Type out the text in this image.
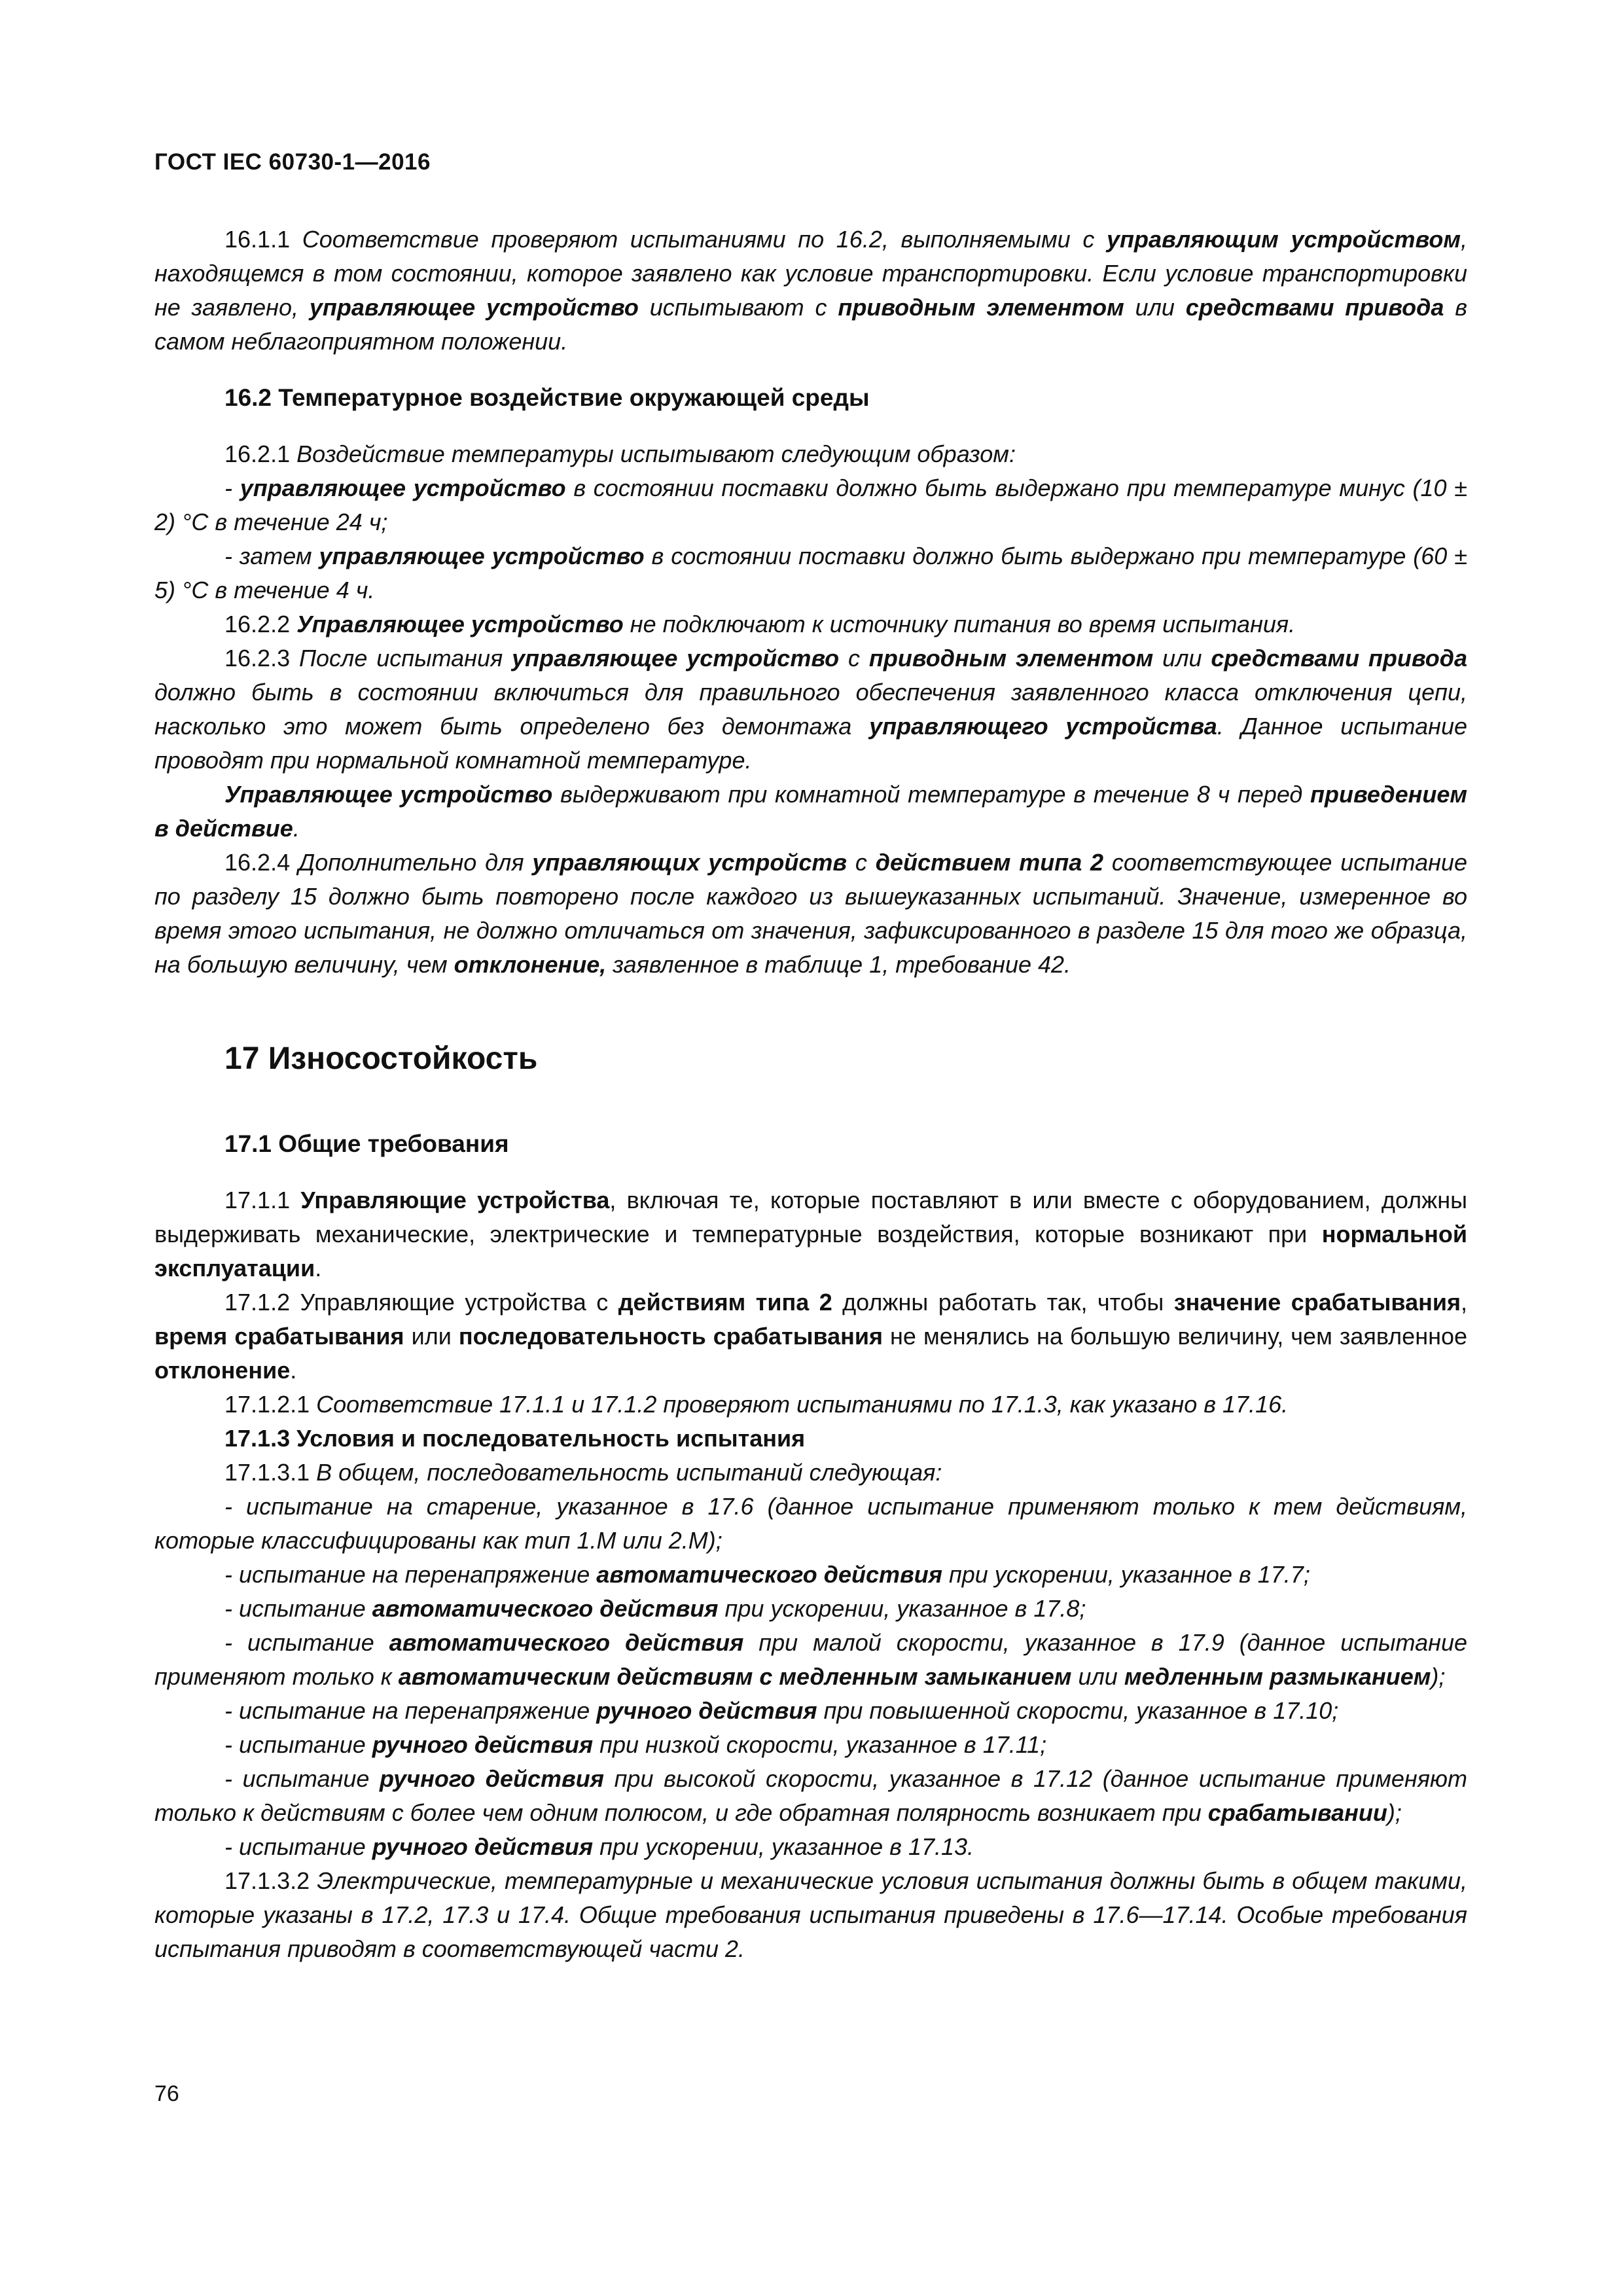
ГОСТ IEC 60730-1—2016

16.1.1 Соответствие проверяют испытаниями по 16.2, выполняемыми с управляющим устройством, находящемся в том состоянии, которое заявлено как условие транспортировки. Если условие транспортировки не заявлено, управляющее устройство испытывают с приводным элементом или средствами привода в самом неблагоприятном положении.

16.2 Температурное воздействие окружающей среды

16.2.1 Воздействие температуры испытывают следующим образом:

- управляющее устройство в состоянии поставки должно быть выдержано при температуре минус (10 ± 2) °С в течение 24 ч;

- затем управляющее устройство в состоянии поставки должно быть выдержано при температуре (60 ± 5) °С в течение 4 ч.

16.2.2 Управляющее устройство не подключают к источнику питания во время испытания.

16.2.3 После испытания управляющее устройство с приводным элементом или средствами привода должно быть в состоянии включиться для правильного обеспечения заявленного класса отключения цепи, насколько это может быть определено без демонтажа управляющего устройства. Данное испытание проводят при нормальной комнатной температуре.

Управляющее устройство выдерживают при комнатной температуре в течение 8 ч перед приведением в действие.

16.2.4 Дополнительно для управляющих устройств с действием типа 2 соответствующее испытание по разделу 15 должно быть повторено после каждого из вышеуказанных испытаний. Значение, измеренное во время этого испытания, не должно отличаться от значения, зафиксированного в разделе 15 для того же образца, на большую величину, чем отклонение, заявленное в таблице 1, требование 42.

17 Износостойкость

17.1 Общие требования

17.1.1 Управляющие устройства, включая те, которые поставляют в или вместе с оборудованием, должны выдерживать механические, электрические и температурные воздействия, которые возникают при нормальной эксплуатации.

17.1.2 Управляющие устройства с действиям типа 2 должны работать так, чтобы значение срабатывания, время срабатывания или последовательность срабатывания не менялись на большую величину, чем заявленное отклонение.

17.1.2.1 Соответствие 17.1.1 и 17.1.2 проверяют испытаниями по 17.1.3, как указано в 17.16.

17.1.3 Условия и последовательность испытания

17.1.3.1 В общем, последовательность испытаний следующая:

- испытание на старение, указанное в 17.6 (данное испытание применяют только к тем действиям, которые классифицированы как тип 1.M или 2.M);

- испытание на перенапряжение автоматического действия при ускорении, указанное в 17.7;

- испытание автоматического действия при ускорении, указанное в 17.8;

- испытание автоматического действия при малой скорости, указанное в 17.9 (данное испытание применяют только к автоматическим действиям с медленным замыканием или медленным размыканием);

- испытание на перенапряжение ручного действия при повышенной скорости, указанное в 17.10;

- испытание ручного действия при низкой скорости, указанное в 17.11;

- испытание ручного действия при высокой скорости, указанное в 17.12 (данное испытание применяют только к действиям с более чем одним полюсом, и где обратная полярность возникает при срабатывании);

- испытание ручного действия при ускорении, указанное в 17.13.

17.1.3.2 Электрические, температурные и механические условия испытания должны быть в общем такими, которые указаны в 17.2, 17.3 и 17.4. Общие требования испытания приведены в 17.6—17.14. Особые требования испытания приводят в соответствующей части 2.

76
